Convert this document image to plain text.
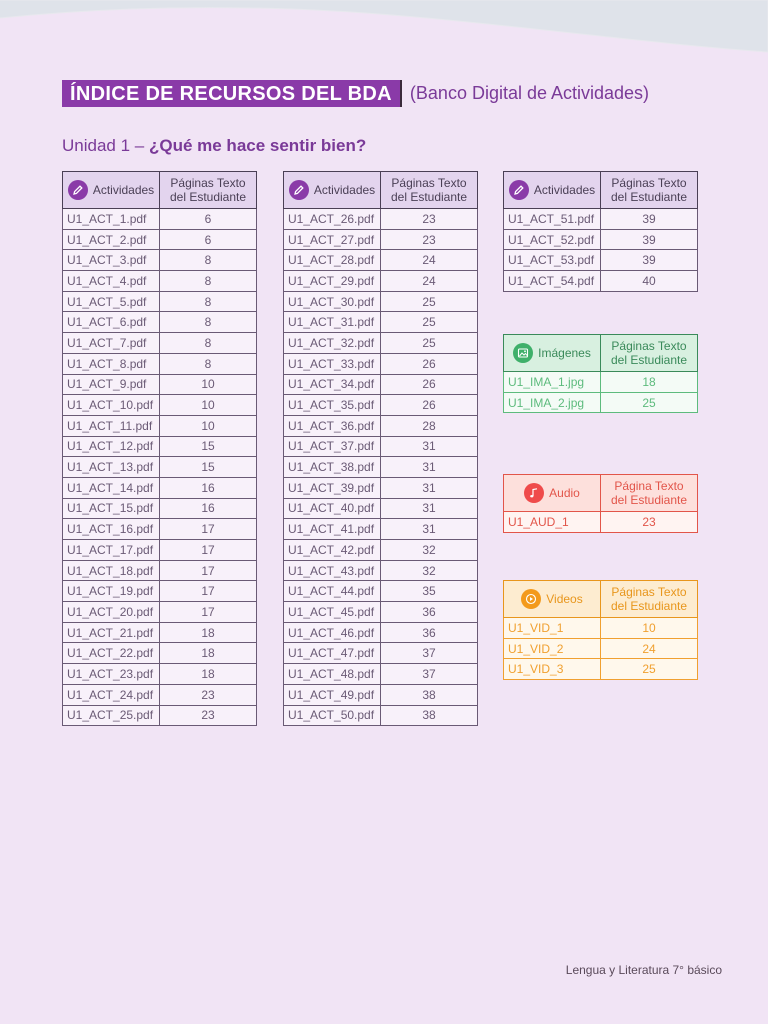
ÍNDICE DE RECURSOS DEL BDA	(Banco Digital de Actividades)
Unidad 1 – ¿Qué me hace sentir bien?
Actividades	Páginas Texto del Estudiante
U1_ACT_1.pdf	6
U1_ACT_2.pdf	6
U1_ACT_3.pdf	8
U1_ACT_4.pdf	8
U1_ACT_5.pdf	8
U1_ACT_6.pdf	8
U1_ACT_7.pdf	8
U1_ACT_8.pdf	8
U1_ACT_9.pdf	10
U1_ACT_10.pdf	10
U1_ACT_11.pdf	10
U1_ACT_12.pdf	15
U1_ACT_13.pdf	15
U1_ACT_14.pdf	16
U1_ACT_15.pdf	16
U1_ACT_16.pdf	17
U1_ACT_17.pdf	17
U1_ACT_18.pdf	17
U1_ACT_19.pdf	17
U1_ACT_20.pdf	17
U1_ACT_21.pdf	18
U1_ACT_22.pdf	18
U1_ACT_23.pdf	18
U1_ACT_24.pdf	23
U1_ACT_25.pdf	23
Actividades	Páginas Texto del Estudiante
U1_ACT_26.pdf	23
U1_ACT_27.pdf	23
U1_ACT_28.pdf	24
U1_ACT_29.pdf	24
U1_ACT_30.pdf	25
U1_ACT_31.pdf	25
U1_ACT_32.pdf	25
U1_ACT_33.pdf	26
U1_ACT_34.pdf	26
U1_ACT_35.pdf	26
U1_ACT_36.pdf	28
U1_ACT_37.pdf	31
U1_ACT_38.pdf	31
U1_ACT_39.pdf	31
U1_ACT_40.pdf	31
U1_ACT_41.pdf	31
U1_ACT_42.pdf	32
U1_ACT_43.pdf	32
U1_ACT_44.pdf	35
U1_ACT_45.pdf	36
U1_ACT_46.pdf	36
U1_ACT_47.pdf	37
U1_ACT_48.pdf	37
U1_ACT_49.pdf	38
U1_ACT_50.pdf	38
Actividades	Páginas Texto del Estudiante
U1_ACT_51.pdf	39
U1_ACT_52.pdf	39
U1_ACT_53.pdf	39
U1_ACT_54.pdf	40
Imágenes	Páginas Texto del Estudiante
U1_IMA_1.jpg	18
U1_IMA_2.jpg	25
Audio	Página Texto del Estudiante
U1_AUD_1	23
Videos	Páginas Texto del Estudiante
U1_VID_1	10
U1_VID_2	24
U1_VID_3	25
Lengua y Literatura 7° básico
